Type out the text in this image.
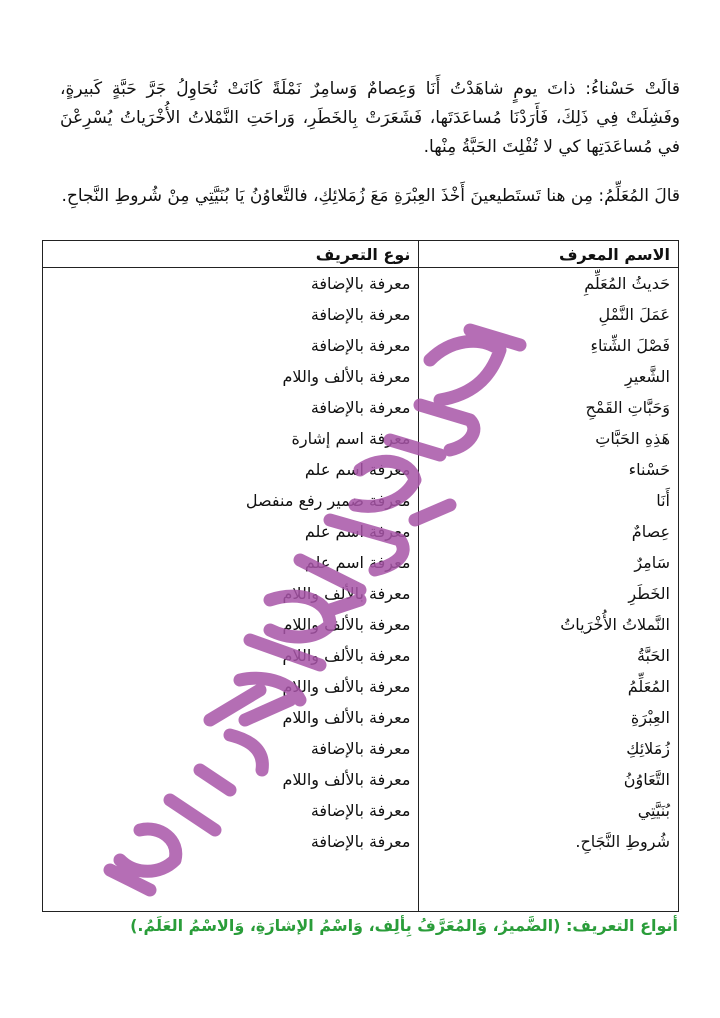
قالَتْ حَسْناءُ: ذاتَ يومٍ شاهَدْتُ أَنَا وَعِصامٌ وَسامِرٌ نَمْلَةً كَانَتْ تُحَاوِلُ جَرَّ حَبَّةٍ كَبيرةٍ، وفَشِلَتْ فِي ذَلِكَ، فَأَرَدْنَا مُساعَدَتَها، فَشَعَرَتْ بِالخَطَرِ، وَراحَتِ النَّمْلاتُ الأُخْرَياتُ يُسْرِعْنَ في مُساعَدَتِها كي لا تُفْلِتَ الحَبَّةُ مِنْها.

قالَ المُعَلِّمُ: مِن هنا تَستَطيعينَ أَخْذَ العِبْرَةِ مَعَ زُمَلائِكِ، فالتَّعاوُنُ يَا بُنَيَّتِي مِنْ شُروطِ النَّجاحِ.

الاسم المعرف	نوع التعريف
حَديثُ المُعَلِّمِ	معرفة بالإضافة
عَمَلَ النَّمْلِ	معرفة بالإضافة
فَصْلَ الشِّتاءِ	معرفة بالإضافة
الشَّعيرِ	معرفة بالألف واللام
وَحَبَّاتِ القَمْحِ	معرفة بالإضافة
هَذِهِ الحَبَّاتِ	معرفة اسم إشارة
حَسْناء	معرفة اسم علم
أَنَا	معرفة ضمير رفع منفصل
عِصامٌ	معرفة اسم علم
سَامِرٌ	معرفة اسم علم
الخَطَرِ	معرفة بالألف واللام
النَّملاتُ الأُخْرَياتُ	معرفة بالألف واللام
الحَبَّةُ	معرفة بالألف واللام
المُعَلِّمُ	معرفة بالألف واللام
العِبْرَةِ	معرفة بالألف واللام
زُمَلائِكِ	معرفة بالإضافة
التَّعَاوُنُ	معرفة بالألف واللام
بُنَيَّتِي	معرفة بالإضافة
شُروطِ النَّجَاحِ.	معرفة بالإضافة

أنواع التعريف: (الضَّميرُ، وَالمُعَرَّفُ بِألِف، وَاسْمُ الإشارَةِ، وَالاسْمُ العَلَمُ.)
